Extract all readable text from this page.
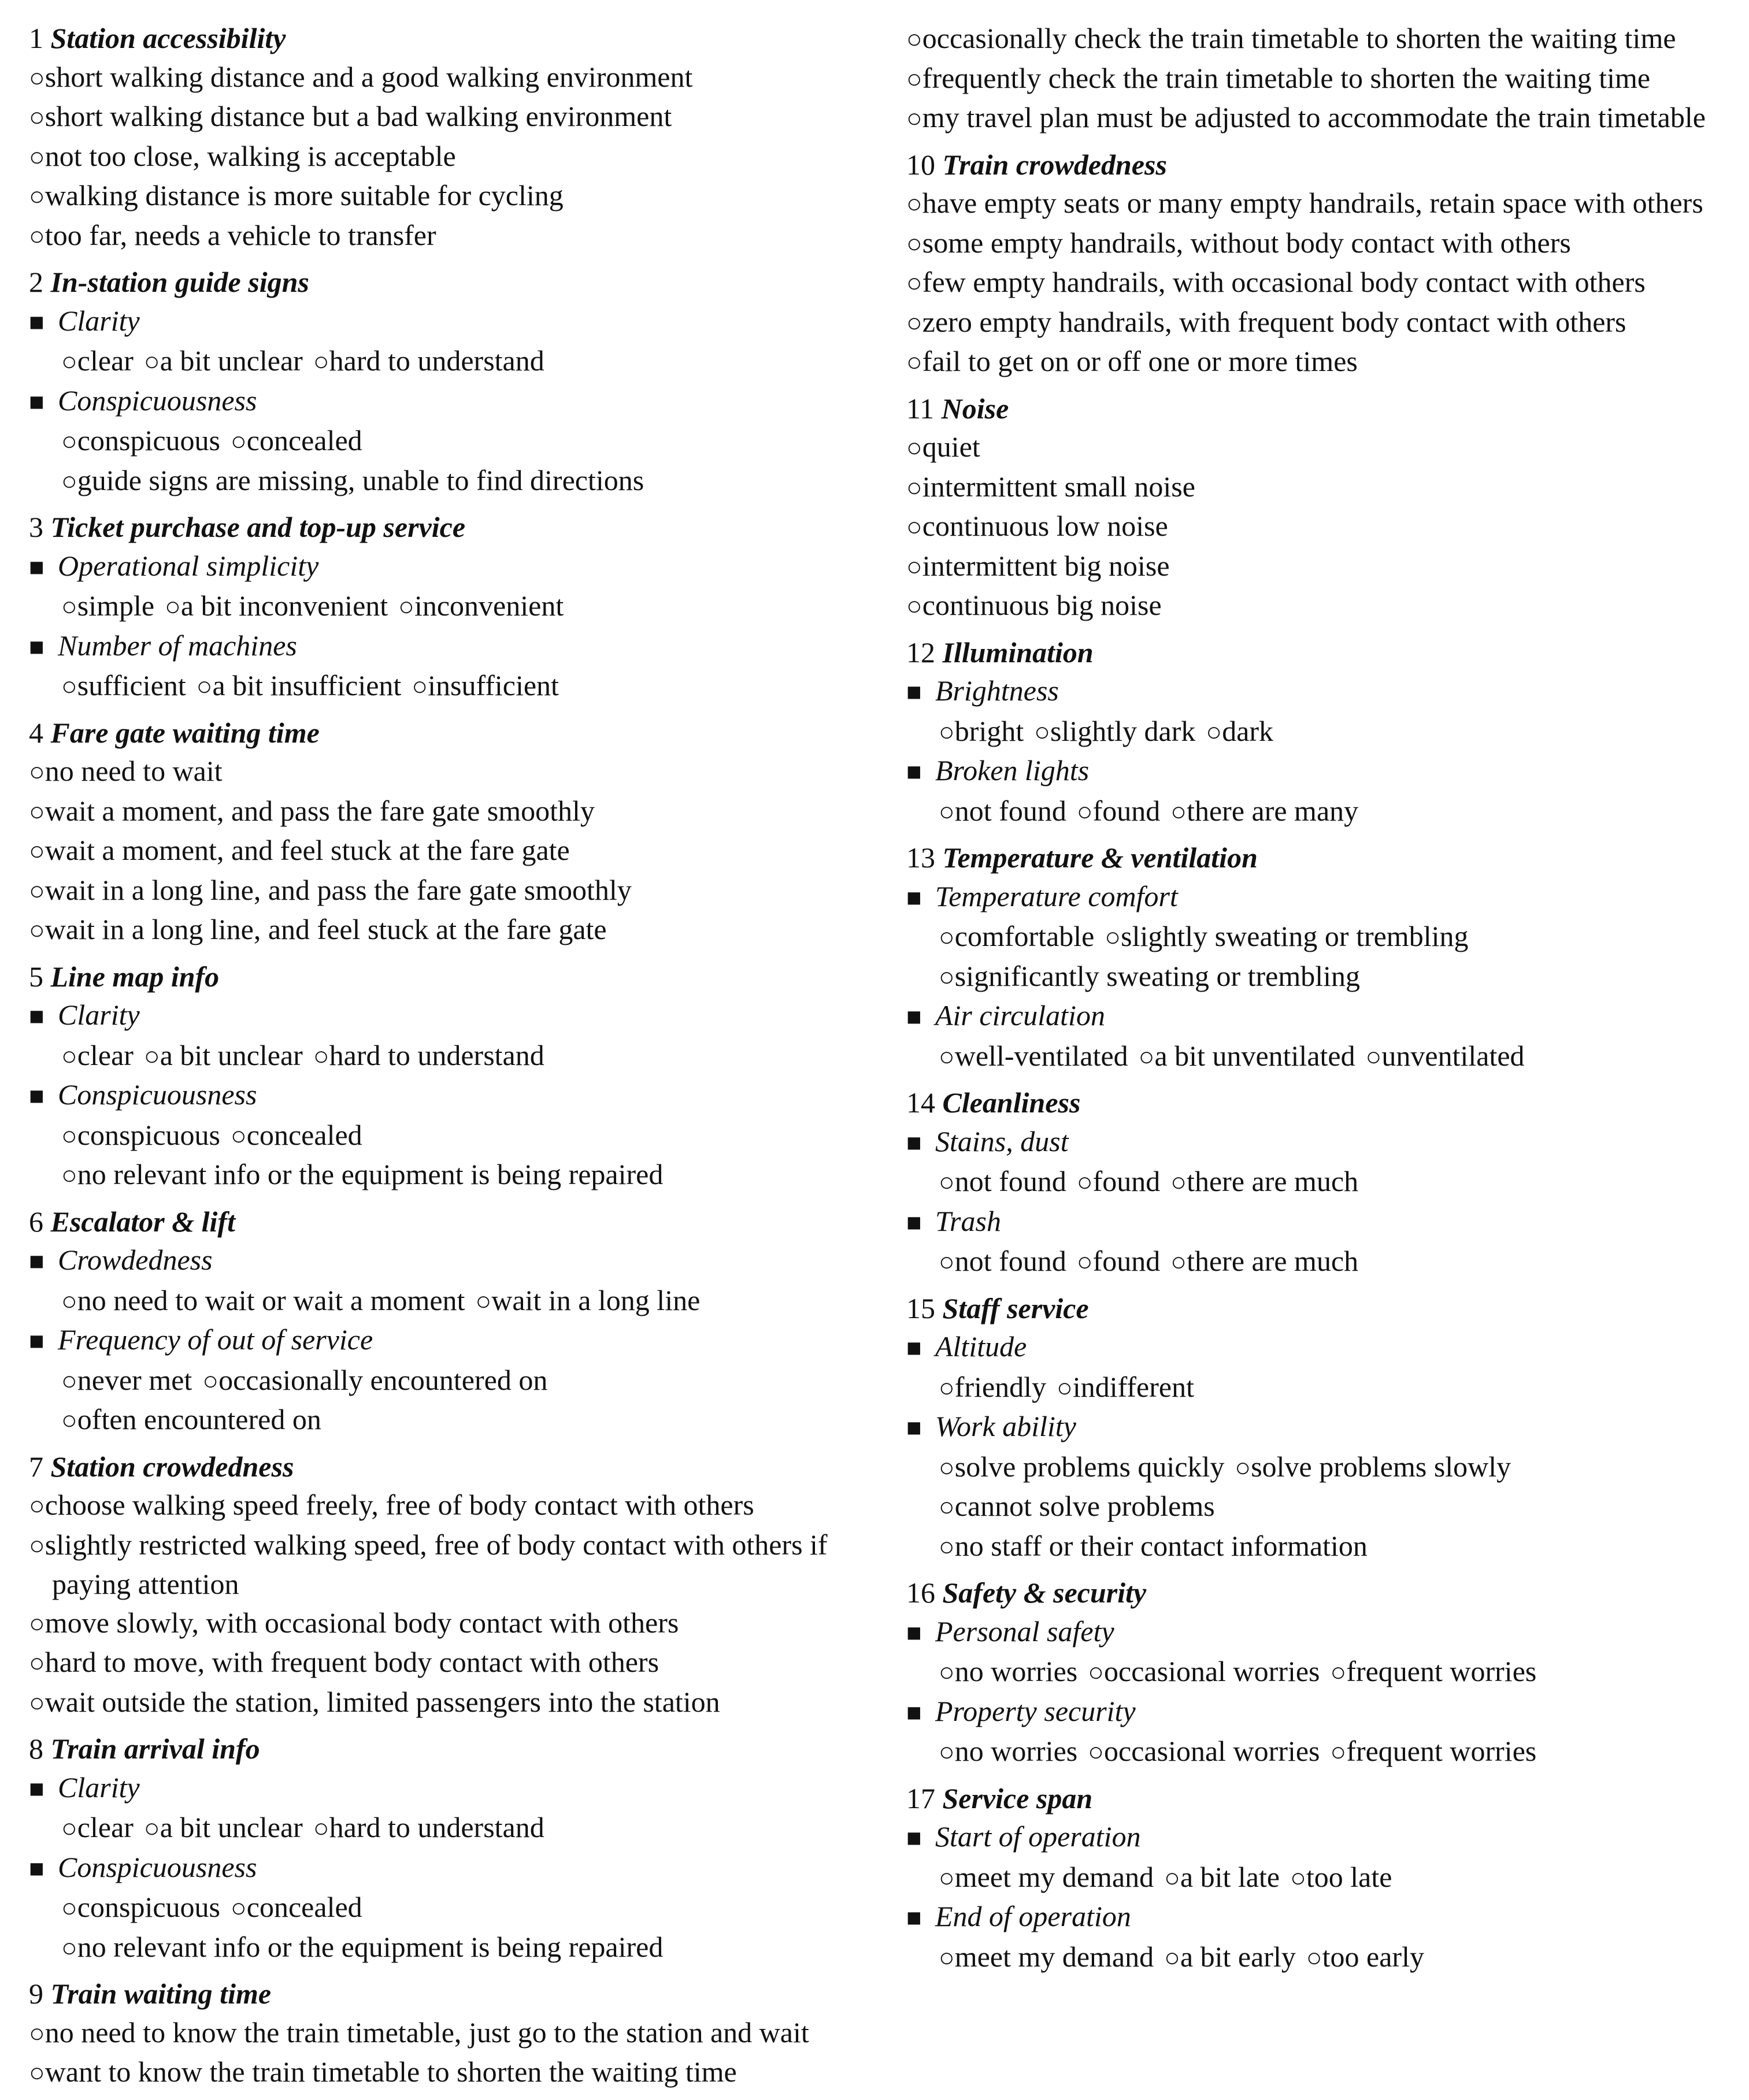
1 Station accessibility
○short walking distance and a good walking environment
○short walking distance but a bad walking environment
○not too close, walking is acceptable
○walking distance is more suitable for cycling
○too far, needs a vehicle to transfer
2 In-station guide signs
■ Clarity
○clear ○a bit unclear ○hard to understand
■ Conspicuousness
○conspicuous ○concealed
○guide signs are missing, unable to find directions
3 Ticket purchase and top-up service
■ Operational simplicity
○simple ○a bit inconvenient ○inconvenient
■ Number of machines
○sufficient ○a bit insufficient ○insufficient
4 Fare gate waiting time
○no need to wait
○wait a moment, and pass the fare gate smoothly
○wait a moment, and feel stuck at the fare gate
○wait in a long line, and pass the fare gate smoothly
○wait in a long line, and feel stuck at the fare gate
5 Line map info
■ Clarity
○clear ○a bit unclear ○hard to understand
■ Conspicuousness
○conspicuous ○concealed
○no relevant info or the equipment is being repaired
6 Escalator & lift
■ Crowdedness
○no need to wait or wait a moment ○wait in a long line
■ Frequency of out of service
○never met ○occasionally encountered on
○often encountered on
7 Station crowdedness
○choose walking speed freely, free of body contact with others
○slightly restricted walking speed, free of body contact with others if paying attention
○move slowly, with occasional body contact with others
○hard to move, with frequent body contact with others
○wait outside the station, limited passengers into the station
8 Train arrival info
■ Clarity
○clear ○a bit unclear ○hard to understand
■ Conspicuousness
○conspicuous ○concealed
○no relevant info or the equipment is being repaired
9 Train waiting time
○no need to know the train timetable, just go to the station and wait
○want to know the train timetable to shorten the waiting time
○occasionally check the train timetable to shorten the waiting time
○frequently check the train timetable to shorten the waiting time
○my travel plan must be adjusted to accommodate the train timetable
10 Train crowdedness
○have empty seats or many empty handrails, retain space with others
○some empty handrails, without body contact with others
○few empty handrails, with occasional body contact with others
○zero empty handrails, with frequent body contact with others
○fail to get on or off one or more times
11 Noise
○quiet
○intermittent small noise
○continuous low noise
○intermittent big noise
○continuous big noise
12 Illumination
■ Brightness
○bright ○slightly dark ○dark
■ Broken lights
○not found ○found ○there are many
13 Temperature & ventilation
■ Temperature comfort
○comfortable ○slightly sweating or trembling
○significantly sweating or trembling
■ Air circulation
○well-ventilated ○a bit unventilated ○unventilated
14 Cleanliness
■ Stains, dust
○not found ○found ○there are much
■ Trash
○not found ○found ○there are much
15 Staff service
■ Altitude
○friendly ○indifferent
■ Work ability
○solve problems quickly ○solve problems slowly
○cannot solve problems
○no staff or their contact information
16 Safety & security
■ Personal safety
○no worries ○occasional worries ○frequent worries
■ Property security
○no worries ○occasional worries ○frequent worries
17 Service span
■ Start of operation
○meet my demand ○a bit late ○too late
■ End of operation
○meet my demand ○a bit early ○too early
